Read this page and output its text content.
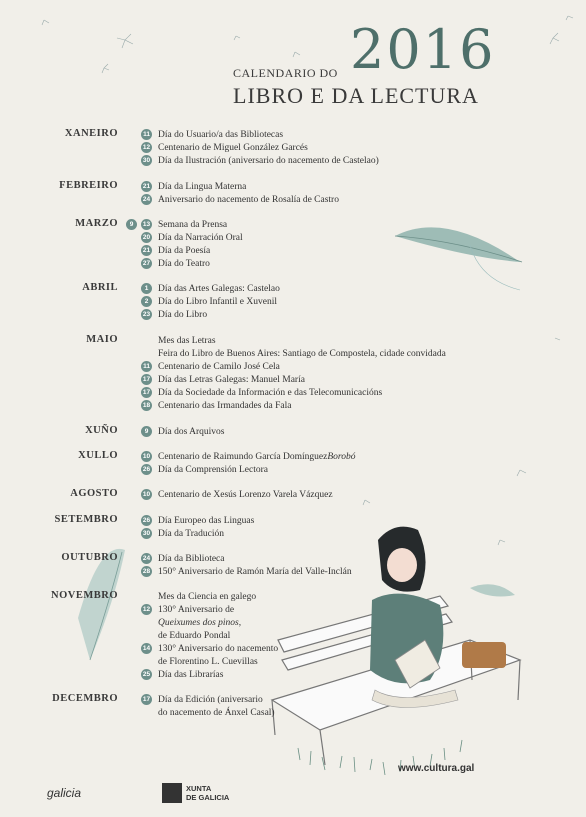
CALENDARIO DO 2016
LIBRO E DA LECTURA

XANEIRO	11 Día do Usuario/a das Bibliotecas
12 Centenario de Miguel González Garcés
30 Día da Ilustración (aniversario do nacemento de Castelao)
FEBREIRO	21 Día da Lingua Materna
24 Aniversario do nacemento de Rosalía de Castro
MARZO	9	13 Semana da Prensa
20 Día da Narración Oral
21 Día da Poesía
27 Día do Teatro
ABRIL	1	Día das Artes Galegas: Castelao
2	Día do Libro Infantil e Xuvenil
23 Día do Libro
MAIO	Mes das Letras
Feira do Libro de Buenos Aires: Santiago de Compostela, cidade convidada
11 Centenario de Camilo José Cela
17 Día das Letras Galegas: Manuel María
17 Día da Sociedade da Información e das Telecomunicacións
18 Centenario das Irmandades da Fala
XUÑO	9	Día dos Arquivos
XULLO	10 Centenario de Raimundo García Domínguez Borobó
26 Día da Comprensión Lectora
AGOSTO	10 Centenario de Xesús Lorenzo Varela Vázquez
SETEMBRO	26 Día Europeo das Linguas
30 Día da Tradución
OUTUBRO	24 Día da Biblioteca
28 150° Aniversario de Ramón María del Valle-Inclán
NOVEMBRO	Mes da Ciencia en galego
12 130° Aniversario de
Queixumes dos pinos,
de Eduardo Pondal
14 130° Aniversario do nacemento
de Florentino L. Cuevillas
25 Día das Librarías
DECEMBRO	17 Día da Edición (aniversario
do nacemento de Ánxel Casal)
www.cultura.gal
galicia	XUNTA
DE GALICIA
